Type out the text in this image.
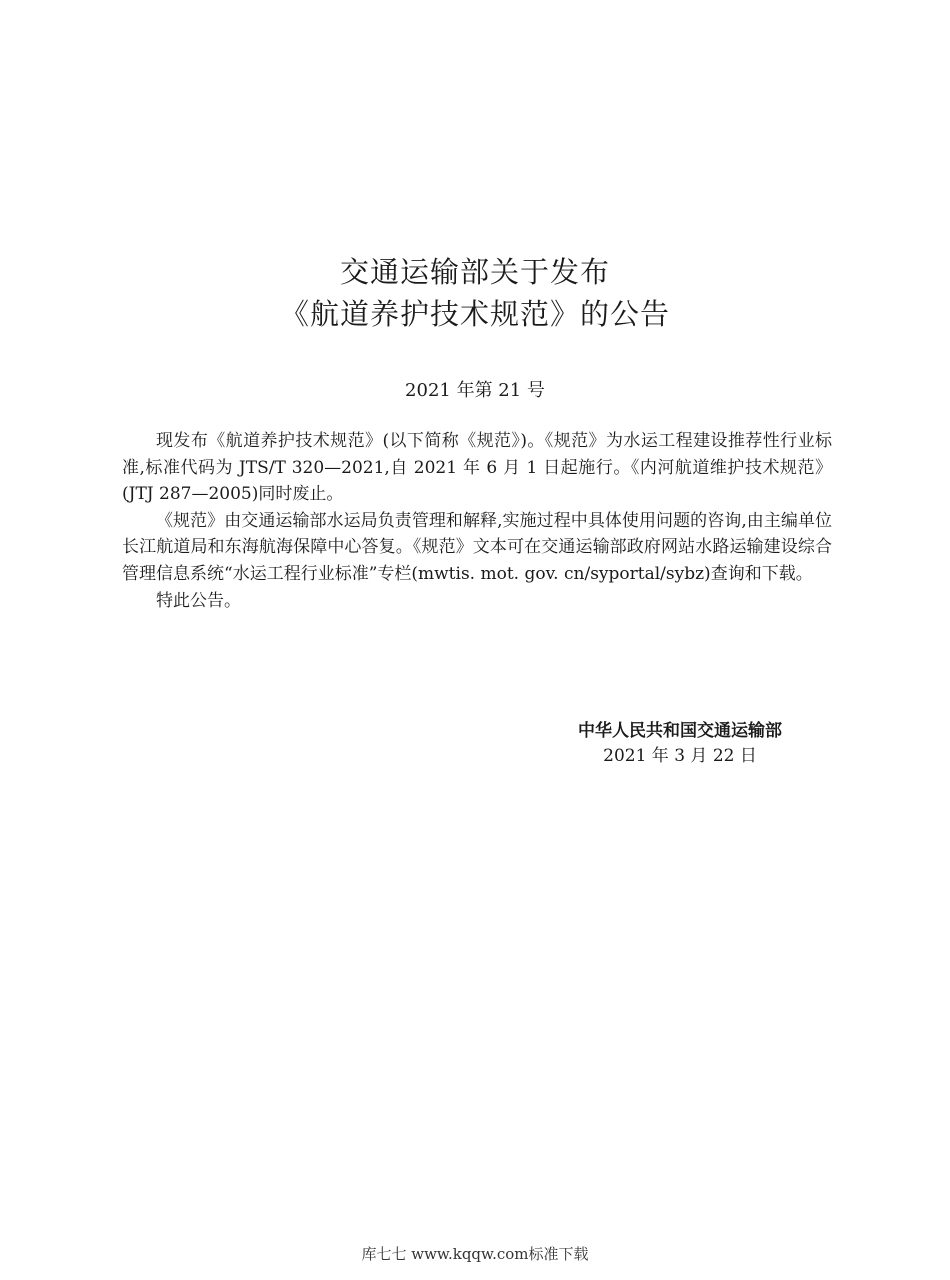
交通运输部关于发布
《航道养护技术规范》的公告
2021 年第 21 号

现发布《航道养护技术规范》(以下简称《规范》)。《规范》为水运工程建设推荐性行业标准,标准代码为 JTS/T 320—2021,自 2021 年 6 月 1 日起施行。《内河航道维护技术规范》(JTJ 287—2005)同时废止。

《规范》由交通运输部水运局负责管理和解释,实施过程中具体使用问题的咨询,由主编单位长江航道局和东海航海保障中心答复。《规范》文本可在交通运输部政府网站水路运输建设综合管理信息系统“水运工程行业标准”专栏(mwtis. mot. gov. cn/syportal/sybz)查询和下载。

特此公告。

中华人民共和国交通运输部
2021 年 3 月 22 日
库七七 www.kqqw.com标准下载
